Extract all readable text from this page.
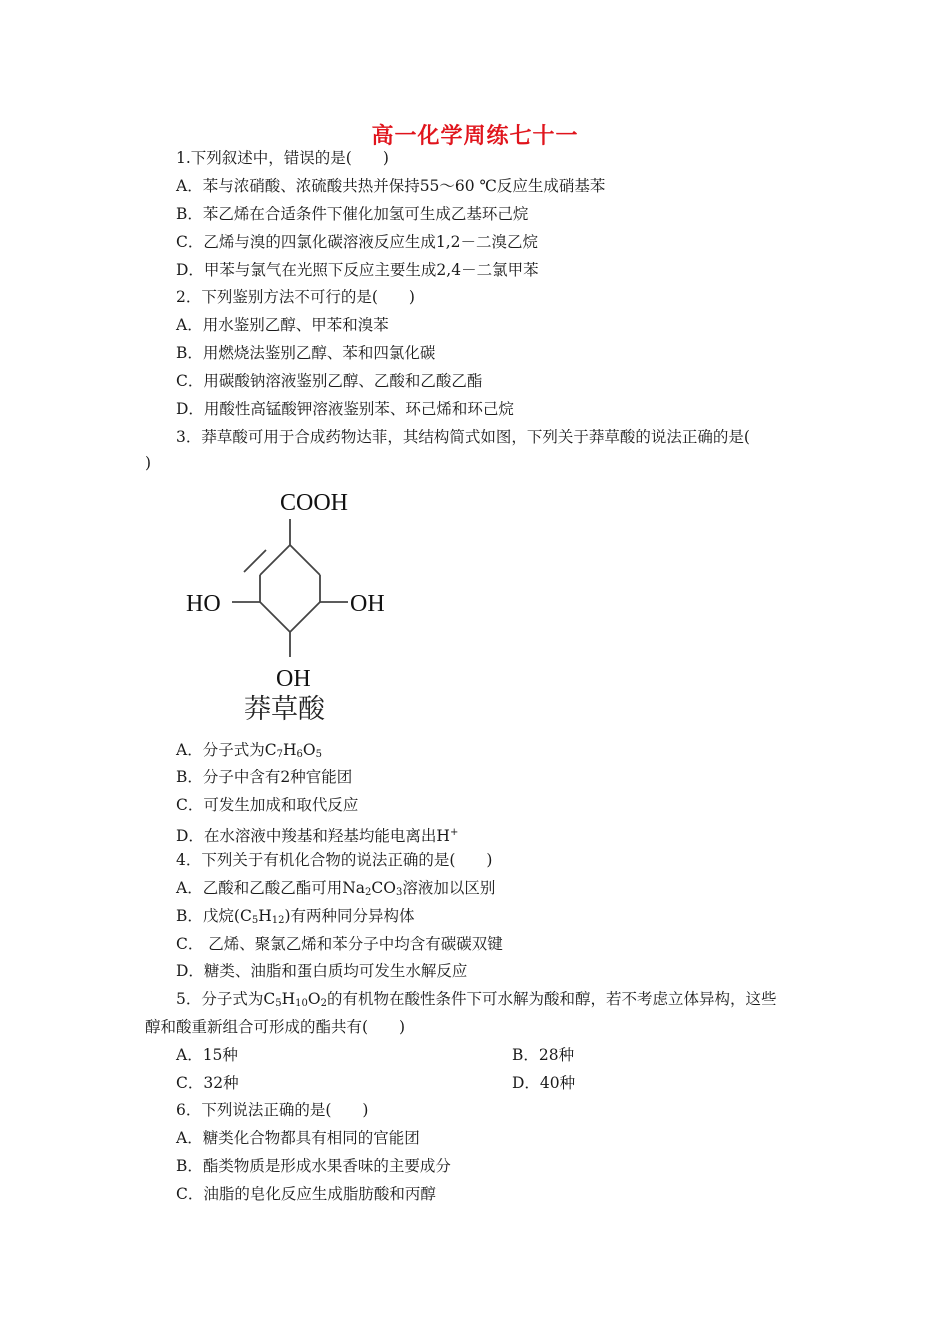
高一化学周练七十一
1.下列叙述中，错误的是(　　)
A．苯与浓硝酸、浓硫酸共热并保持55～60 ℃反应生成硝基苯
B．苯乙烯在合适条件下催化加氢可生成乙基环己烷
C．乙烯与溴的四氯化碳溶液反应生成1,2－二溴乙烷
D．甲苯与氯气在光照下反应主要生成2,4－二氯甲苯
2．下列鉴别方法不可行的是(　　)
A．用水鉴别乙醇、甲苯和溴苯
B．用燃烧法鉴别乙醇、苯和四氯化碳
C．用碳酸钠溶液鉴别乙醇、乙酸和乙酸乙酯
D．用酸性高锰酸钾溶液鉴别苯、环己烯和环己烷
3．莽草酸可用于合成药物达菲，其结构简式如图，下列关于莽草酸的说法正确的是(
)
COOH
HO	OH
OH
莽草酸
A．分子式为$C_7H_6O_5$
B．分子中含有2种官能团
C．可发生加成和取代反应
D．在水溶液中羧基和羟基均能电离出H+
4．下列关于有机化合物的说法正确的是(　　)
A．乙酸和乙酸乙酯可用$Na_2CO_3$溶液加以区别
B．戊烷$(C_5H_{12})$有两种同分异构体
C． 乙烯、聚氯乙烯和苯分子中均含有碳碳双键
D．糖类、油脂和蛋白质均可发生水解反应
5．分子式为$C_5H_{10}O_2$的有机物在酸性条件下可水解为酸和醇，若不考虑立体异构，这些
醇和酸重新组合可形成的酯共有(　　)
A．15种	B．28种
C．32种	D．40种
6．下列说法正确的是(　　)
A．糖类化合物都具有相同的官能团
B．酯类物质是形成水果香味的主要成分
C．油脂的皂化反应生成脂肪酸和丙醇
